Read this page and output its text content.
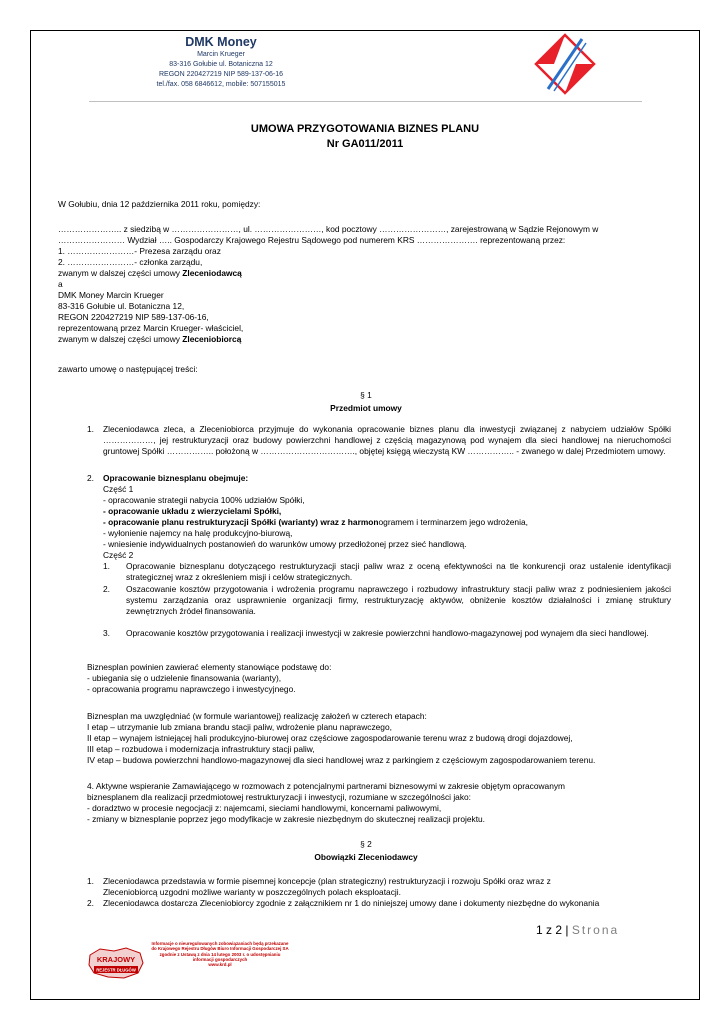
DMK Money
Marcin Krueger
83-316 Gołubie ul. Botaniczna 12
REGON 220427219 NIP 589-137-06-16
tel./fax. 058 6846612, mobile: 507155015
UMOWA PRZYGOTOWANIA BIZNES PLANU
Nr GA011/2011
W Gołubiu, dnia 12 października 2011 roku, pomiędzy:
………………….. z siedzibą w ……………………, ul. ……………………, kod pocztowy ……………………, zarejestrowaną w Sądzie Rejonowym w
…………………… Wydział ….. Gospodarczy Krajowego Rejestru Sądowego pod numerem KRS …………………. reprezentowaną przez:
1. ……………………- Prezesa zarządu oraz
2. ……………………- członka zarządu,
zwanym w dalszej części umowy Zleceniodawcą
a
DMK Money Marcin Krueger
83-316 Gołubie ul. Botaniczna 12,
REGON 220427219 NIP 589-137-06-16,
reprezentowaną przez Marcin Krueger- właściciel,
zwanym w dalszej części umowy Zleceniobiorcą
zawarto umowę o następującej treści:
§ 1
Przedmiot umowy
1. Zleceniodawca zleca, a Zleceniobiorca przyjmuje do wykonania opracowanie biznes planu dla inwestycji związanej z nabyciem udziałów Spółki ………………, jej restrukturyzacji oraz budowy powierzchni handlowej z częścią magazynową pod wynajem dla sieci handlowej na nieruchomości gruntowej Spółki …………….. położoną w ……………………………., objętej księgą wieczystą KW …………….. - zwanego w dalej Przedmiotem umowy.
2. Opracowanie biznesplanu obejmuje:
Część 1
- opracowanie strategii nabycia 100% udziałów Spółki,
- opracowanie układu z wierzycielami Spółki,
- opracowanie planu restrukturyzacji Spółki (warianty) wraz z harmonogramem i terminarzem jego wdrożenia,
- wyłonienie najemcy na halę produkcyjno-biurową,
- wniesienie indywidualnych postanowień do warunków umowy przedłożonej przez sieć handlową.
Część 2
1. Opracowanie biznesplanu dotyczącego restrukturyzacji stacji paliw wraz z oceną efektywności na tle konkurencji oraz ustalenie identyfikacji strategicznej wraz z określeniem misji i celów strategicznych.
2. Oszacowanie kosztów przygotowania i wdrożenia programu naprawczego i rozbudowy infrastruktury stacji paliw wraz z podniesieniem jakości systemu zarządzania oraz usprawnienie organizacji firmy, restrukturyzację aktywów, obniżenie kosztów działalności i zmianę struktury zewnętrznych źródeł finansowania.
3. Opracowanie kosztów przygotowania i realizacji inwestycji w zakresie powierzchni handlowo-magazynowej pod wynajem dla sieci handlowej.
Biznesplan powinien zawierać elementy stanowiące podstawę do:
- ubiegania się o udzielenie finansowania (warianty),
- opracowania programu naprawczego i inwestycyjnego.
Biznesplan ma uwzględniać (w formule wariantowej) realizację założeń w czterech etapach:
I etap – utrzymanie lub zmiana brandu stacji paliw, wdrożenie planu naprawczego,
II etap – wynajem istniejącej hali produkcyjno-biurowej oraz częściowe zagospodarowanie terenu wraz z budową drogi dojazdowej,
III etap – rozbudowa i modernizacja infrastruktury stacji paliw,
IV etap – budowa powierzchni handlowo-magazynowej dla sieci handlowej wraz z parkingiem z częściowym zagospodarowaniem terenu.
4. Aktywne wspieranie Zamawiającego w rozmowach z potencjalnymi partnerami biznesowymi w zakresie objętym opracowanym
biznesplanem dla realizacji przedmiotowej restrukturyzacji i inwestycji, rozumiane w szczególności jako:
- doradztwo w procesie negocjacji z: najemcami, sieciami handlowymi, koncernami paliwowymi,
- zmiany w biznesplanie poprzez jego modyfikacje w zakresie niezbędnym do skutecznej realizacji projektu.
§ 2
Obowiązki Zleceniodawcy
1. Zleceniodawca przedstawia w formie pisemnej koncepcje (plan strategiczny) restrukturyzacji i rozwoju Spółki oraz wraz z
Zleceniobiorcą uzgodni możliwe warianty w poszczególnych polach eksploatacji.
2. Zleceniodawca dostarcza Zleceniobiorcy zgodnie z załącznikiem nr 1 do niniejszej umowy dane i dokumenty niezbędne do wykonania
1 z 2 | Strona
KRAJOWY
REJESTR DŁUGÓW
Informacje o nieuregulowanych zobowiązaniach będą przekazane do Krajowego Rejestru Długów Biuro Informacji Gospodarczej SA zgodnie z Ustawą z dnia 14 lutego 2003 r. o udostępnianiu informacji gospodarczych
www.krd.pl
